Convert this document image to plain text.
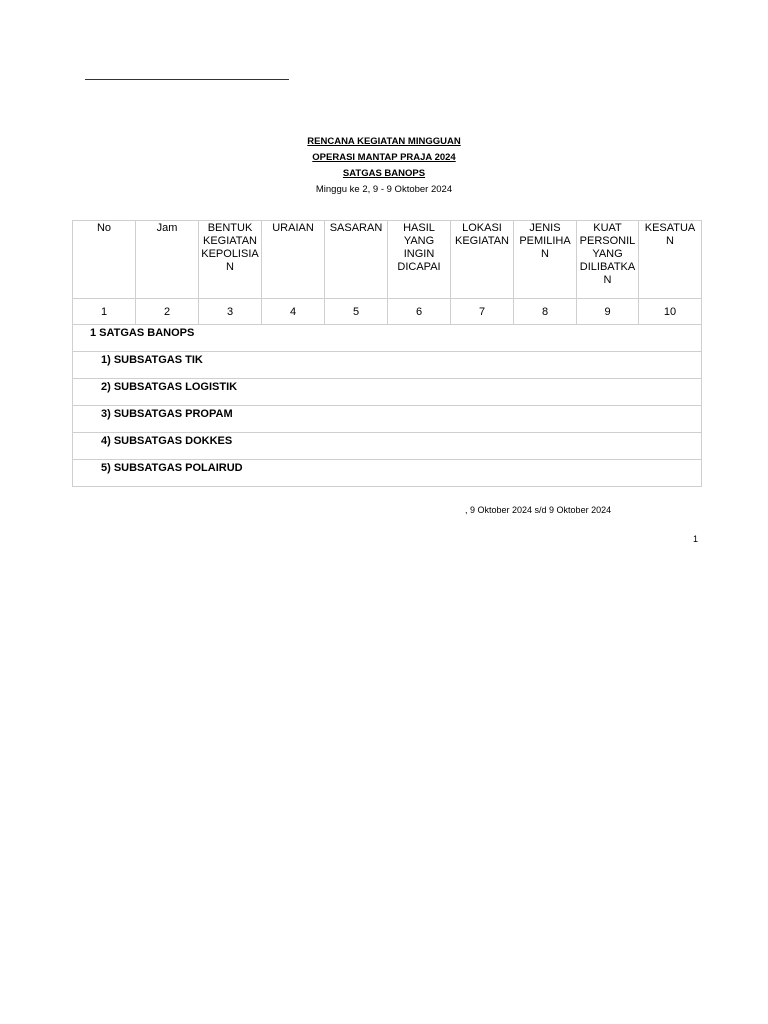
RENCANA KEGIATAN MINGGUAN
OPERASI MANTAP PRAJA 2024
SATGAS BANOPS
Minggu ke 2, 9 - 9 Oktober 2024
No	Jam	BENTUK KEGIATAN KEPOLISIAN	URAIAN	SASARAN	HASIL YANG INGIN DICAPAI	LOKASI KEGIATAN	JENIS PEMILIHAN	KUAT PERSONIL YANG DILIBATKAN	KESATUAN
1	2	3	4	5	6	7	8	9	10
1 SATGAS BANOPS									
1) SUBSATGAS TIK									
2) SUBSATGAS LOGISTIK									
3) SUBSATGAS PROPAM									
4) SUBSATGAS DOKKES									
5) SUBSATGAS POLAIRUD									
, 9 Oktober 2024 s/d 9 Oktober 2024
1
